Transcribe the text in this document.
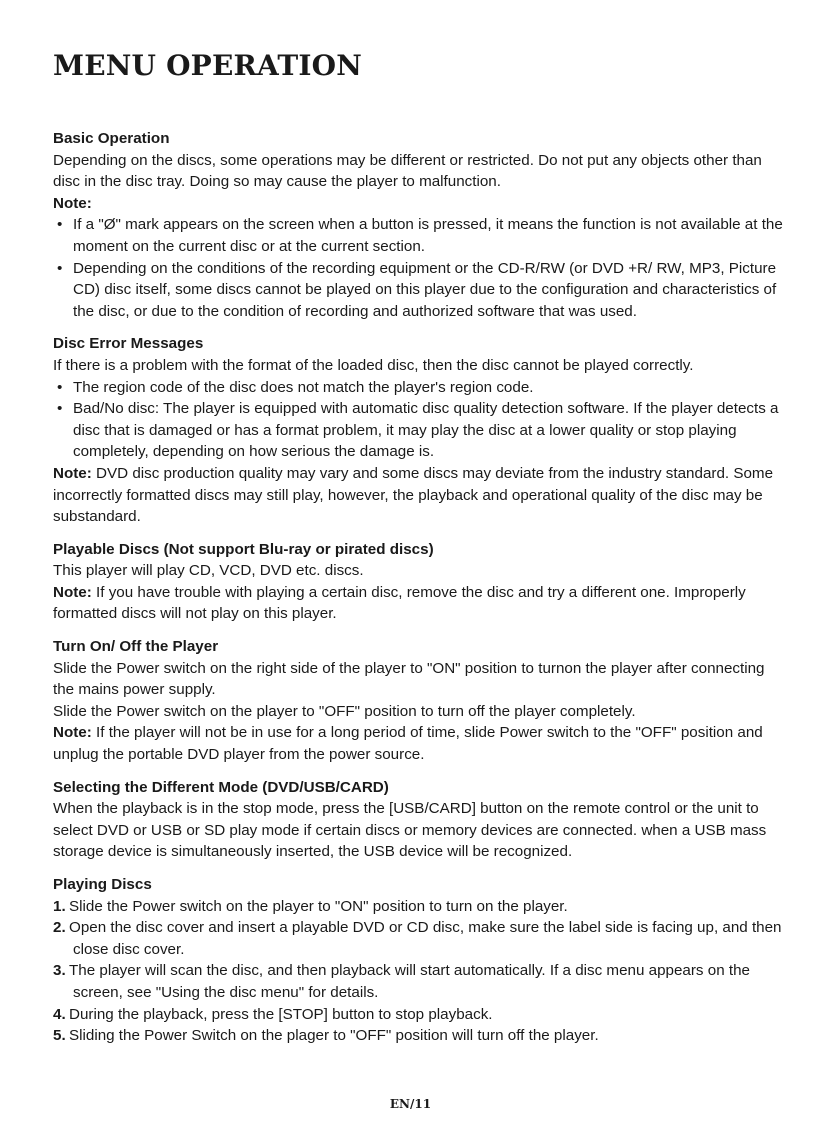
MENU OPERATION
Basic Operation

Depending on the discs, some operations may be different or restricted. Do not put any objects other than disc in the disc tray. Doing so may cause the player to malfunction.

Note:
• If a "Ø" mark appears on the screen when a button is pressed, it means the function is not available at the moment on the current disc or at the current section.
• Depending on the conditions of the recording equipment or the CD-R/RW (or DVD +R/ RW, MP3, Picture CD) disc itself, some discs cannot be played on this player due to the configuration and characteristics of the disc, or due to the condition of recording and authorized software that was used.
Disc Error Messages

If there is a problem with the format of the loaded disc, then the disc cannot be played correctly.

• The region code of the disc does not match the player's region code.
• Bad/No disc: The player is equipped with automatic disc quality detection software. If the player detects a disc that is damaged or has a format problem, it may play the disc at a lower quality or stop playing completely, depending on how serious the damage is.

Note: DVD disc production quality may vary and some discs may deviate from the industry standard. Some incorrectly formatted discs may still play, however, the playback and operational quality of the disc may be substandard.

Playable Discs (Not support Blu-ray or pirated discs)

This player will play CD, VCD, DVD etc. discs.

Note: If you have trouble with playing a certain disc, remove the disc and try a different one. Improperly formatted discs will not play on this player.

Turn On/ Off the Player

Slide the Power switch on the right side of the player to "ON" position to turnon the player after connecting the mains power supply.

Slide the Power switch on the player to "OFF" position to turn off the player completely.

Note: If the player will not be in use for a long period of time, slide Power switch to the "OFF" position and unplug the portable DVD player from the power source.

Selecting the Different Mode (DVD/USB/CARD)

When the playback is in the stop mode, press the [USB/CARD] button on the remote control or the unit to select DVD or USB or SD play mode if certain discs or memory devices are connected. when a USB mass storage device is simultaneously inserted, the USB device will be recognized.

Playing Discs
1. Slide the Power switch on the player to "ON" position to turn on the player.
2. Open the disc cover and insert a playable DVD or CD disc, make sure the label side is facing up, and then close disc cover.
3. The player will scan the disc, and then playback will start automatically. If a disc menu appears on the screen, see "Using the disc menu" for details.
4. During the playback, press the [STOP] button to stop playback.
5. Sliding the Power Switch on the plager to "OFF" position will turn off the player.
EN/11
